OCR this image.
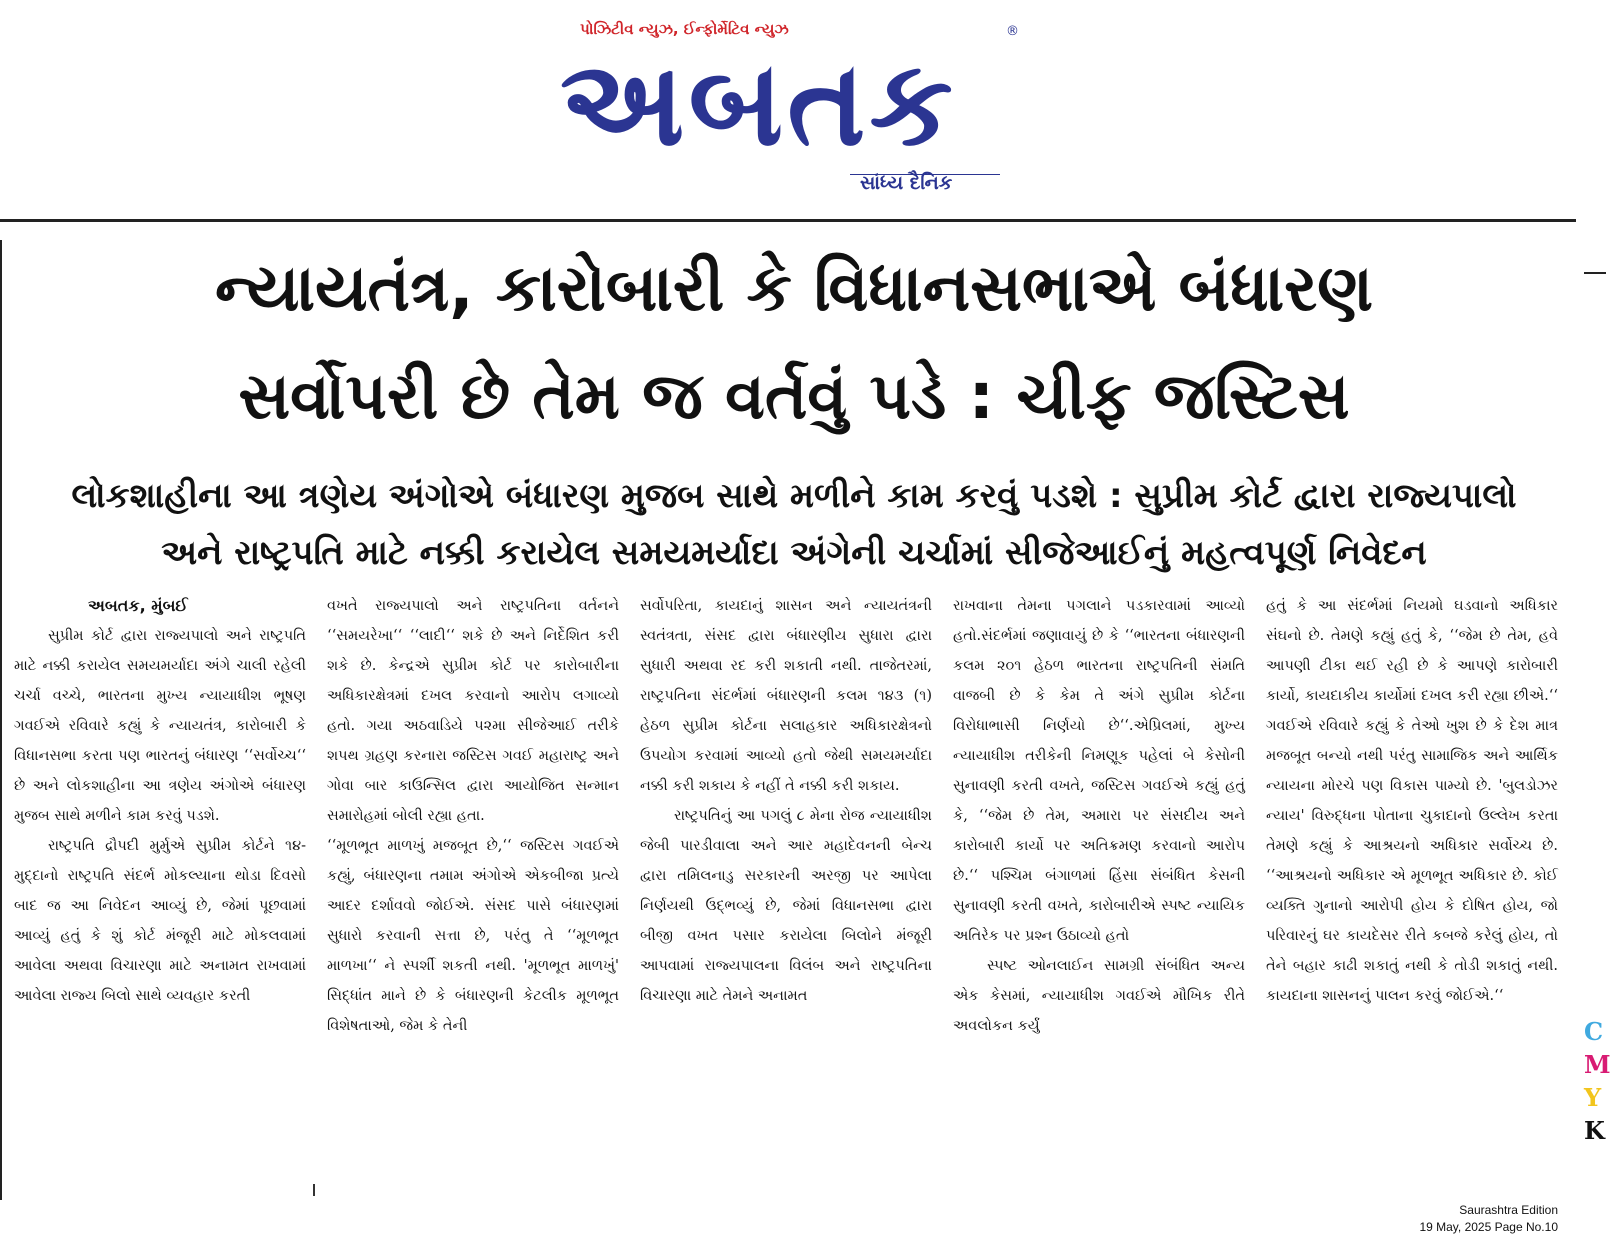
પોઝિટીવ ન્યુઝ, ઈન્ફોર્મેટિવ ન્યુઝ
અબતક
®
સાંધ્ય દૈનિક
ન્યાયતંત્ર, કારોબારી કે વિધાનસભાએ બંધારણ
સર્વોપરી છે તેમ જ વર્તવું પડે : ચીફ જસ્ટિસ
લોકશાહીના આ ત્રણેય અંગોએ બંધારણ મુજબ સાથે મળીને કામ કરવું પડશે : સુપ્રીમ કોર્ટ દ્વારા રાજ્યપાલો
અને રાષ્ટ્રપતિ માટે નક્કી કરાયેલ સમયમર્યાદા અંગેની ચર્ચામાં સીજેઆઈનું મહત્વપૂર્ણ નિવેદન
અબતક, મુંબઈ

સુપ્રીમ કોર્ટ દ્વારા રાજ્યપાલો અને રાષ્ટ્રપતિ માટે નક્કી કરાયેલ સમયમર્યાદા અંગે ચાલી રહેલી ચર્ચા વચ્ચે, ભારતના મુખ્ય ન્યાયાધીશ ભૂષણ ગવઈએ રવિવારે કહ્યું કે ન્યાયતંત્ર, કારોબારી કે વિધાનસભા કરતા પણ ભારતનું બંધારણ ‘‘સર્વોચ્ચ‘‘ છે અને લોકશાહીના આ ત્રણેય અંગોએ બંધારણ મુજબ સાથે મળીને કામ કરવું પડશે.

રાષ્ટ્રપતિ દ્રૌપદી મુર્મુએ સુપ્રીમ કોર્ટને ૧૪-મુદ્દાનો રાષ્ટ્રપતિ સંદર્ભ મોકલ્યાના થોડા દિવસો બાદ જ આ નિવેદન આવ્યું છે, જેમાં પૂછવામાં આવ્યું હતું કે શું કોર્ટ મંજૂરી માટે મોકલવામાં આવેલા અથવા વિચારણા માટે અનામત રાખવામાં આવેલા રાજ્ય બિલો સાથે વ્યવહાર કરતી

વખતે રાજ્યપાલો અને રાષ્ટ્રપતિના વર્તનને ‘‘સમયરેખા‘‘ ‘‘લાદી‘‘ શકે છે અને નિર્દેશિત કરી શકે છે. કેન્દ્રએ સુપ્રીમ કોર્ટ પર કારોબારીના અધિકારક્ષેત્રમાં દખલ કરવાનો આરોપ લગાવ્યો હતો. ગયા અઠવાડિયે ૫૨મા સીજેઆઈ તરીકે શપથ ગ્રહણ કરનારા જસ્ટિસ ગવઈ મહારાષ્ટ્ર અને ગોવા બાર કાઉન્સિલ દ્વારા આયોજિત સન્માન સમારોહમાં બોલી રહ્યા હતા.

‘‘મૂળભૂત માળખું મજબૂત છે,‘‘ જસ્ટિસ ગવઈએ કહ્યું, બંધારણના તમામ અંગોએ એકબીજા પ્રત્યે આદર દર્શાવવો જોઈએ. સંસદ પાસે બંધારણમાં સુધારો કરવાની સત્તા છે, પરંતુ તે ‘‘મૂળભૂત માળખા‘‘ ને સ્પર્શી શકતી નથી. 'મૂળભૂત માળખું' સિદ્ધાંત માને છે કે બંધારણની કેટલીક મૂળભૂત વિશેષતાઓ, જેમ કે તેની

સર્વોપરિતા, કાયદાનું શાસન અને ન્યાયતંત્રની સ્વતંત્રતા, સંસદ દ્વારા બંધારણીય સુધારા દ્વારા સુધારી અથવા રદ કરી શકાતી નથી. તાજેતરમાં, રાષ્ટ્રપતિના સંદર્ભમાં બંધારણની કલમ ૧૪૩ (૧) હેઠળ સુપ્રીમ કોર્ટના સલાહકાર અધિકારક્ષેત્રનો ઉપયોગ કરવામાં આવ્યો હતો જેથી સમયમર્યાદા નક્કી કરી શકાય કે નહીં તે નક્કી કરી શકાય.

રાષ્ટ્રપતિનું આ પગલું ૮ મેના રોજ ન્યાયાધીશ જેબી પારડીવાલા અને આર મહાદેવનની બેન્ચ દ્વારા તમિલનાડુ સરકારની અરજી પર આપેલા નિર્ણયથી ઉદ્ભવ્યું છે, જેમાં વિધાનસભા દ્વારા બીજી વખત પસાર કરાયેલા બિલોને મંજૂરી આપવામાં રાજ્યપાલના વિલંબ અને રાષ્ટ્રપતિના વિચારણા માટે તેમને અનામત

રાખવાના તેમના પગલાને પડકારવામાં આવ્યો હતો.સંદર્ભમાં જણાવાયું છે કે ‘‘ભારતના બંધારણની કલમ ૨૦૧ હેઠળ ભારતના રાષ્ટ્રપતિની સંમતિ વાજબી છે કે કેમ તે અંગે સુપ્રીમ કોર્ટના વિરોધાભાસી નિર્ણયો છે‘‘.એપ્રિલમાં, મુખ્ય ન્યાયાધીશ તરીકેની નિમણૂક પહેલાં બે કેસોની સુનાવણી કરતી વખતે, જસ્ટિસ ગવઈએ કહ્યું હતું કે, ‘‘જેમ છે તેમ, અમારા પર સંસદીય અને કારોબારી કાર્યો પર અતિક્રમણ કરવાનો આરોપ છે.‘‘ પશ્ચિમ બંગાળમાં હિંસા સંબંધિત કેસની સુનાવણી કરતી વખતે, કારોબારીએ સ્પષ્ટ ન્યાયિક અતિરેક પર પ્રશ્ન ઉઠાવ્યો હતો

સ્પષ્ટ ઓનલાઈન સામગ્રી સંબંધિત અન્ય એક કેસમાં, ન્યાયાધીશ ગવઈએ મૌખિક રીતે અવલોકન કર્યું

હતું કે આ સંદર્ભમાં નિયમો ઘડવાનો અધિકાર સંઘનો છે. તેમણે કહ્યું હતું કે, ‘‘જેમ છે તેમ, હવે આપણી ટીકા થઈ રહી છે કે આપણે કારોબારી કાર્યો, કાયદાકીય કાર્યોમાં દખલ કરી રહ્યા છીએ.‘‘ ગવઈએ રવિવારે કહ્યું કે તેઓ ખુશ છે કે દેશ માત્ર મજબૂત બન્યો નથી પરંતુ સામાજિક અને આર્થિક ન્યાયના મોરચે પણ વિકાસ પામ્યો છે. 'બુલડોઝર ન્યાય' વિરુદ્ધના પોતાના ચુકાદાનો ઉલ્લેખ કરતા તેમણે કહ્યું કે આશ્રયનો અધિકાર સર્વોચ્ચ છે. ‘‘આશ્રયનો અધિકાર એ મૂળભૂત અધિકાર છે. કોઈ વ્યક્તિ ગુનાનો આરોપી હોય કે દોષિત હોય, જો પરિવારનું ઘર કાયદેસર રીતે કબજે કરેલું હોય, તો તેને બહાર કાઢી શકાતું નથી કે તોડી શકાતું નથી. કાયદાના શાસનનું પાલન કરવું જોઈએ.‘‘

C
M
Y
K
Saurashtra Edition
19 May, 2025 Page No.10
